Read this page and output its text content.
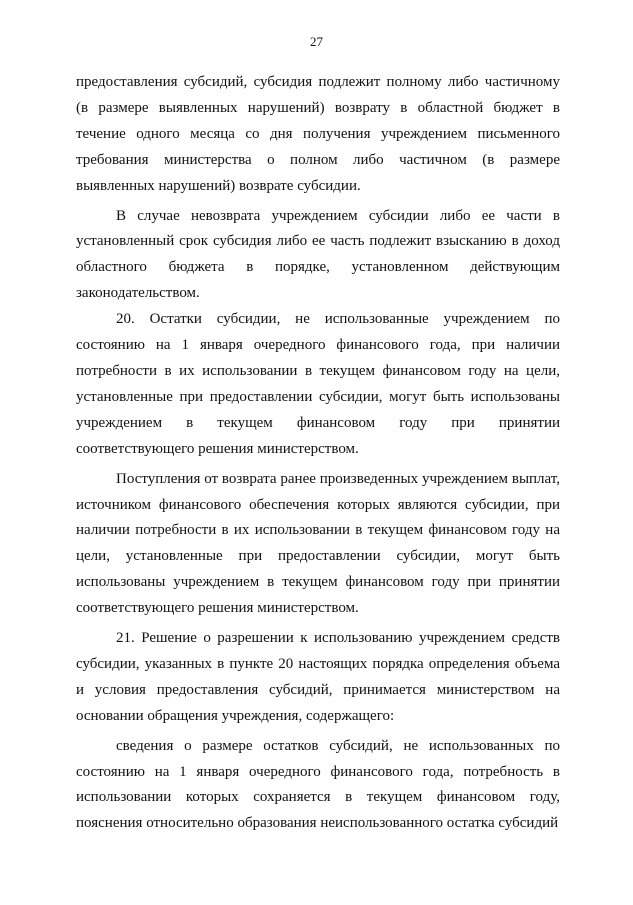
27

предоставления субсидий, субсидия подлежит полному либо частичному (в размере выявленных нарушений) возврату в областной бюджет в течение одного месяца со дня получения учреждением письменного требования министерства о полном либо частичном (в размере выявленных нарушений) возврате субсидии.

В случае невозврата учреждением субсидии либо ее части в установленный срок субсидия либо ее часть подлежит взысканию в доход областного бюджета в порядке, установленном действующим законодательством.

20. Остатки субсидии, не использованные учреждением по состоянию на 1 января очередного финансового года, при наличии потребности в их использовании в текущем финансовом году на цели, установленные при предоставлении субсидии, могут быть использованы учреждением в текущем финансовом году при принятии соответствующего решения министерством.

Поступления от возврата ранее произведенных учреждением выплат, источником финансового обеспечения которых являются субсидии, при наличии потребности в их использовании в текущем финансовом году на цели, установленные при предоставлении субсидии, могут быть использованы учреждением в текущем финансовом году при принятии соответствующего решения министерством.

21. Решение о разрешении к использованию учреждением средств субсидии, указанных в пункте 20 настоящих порядка определения объема и условия предоставления субсидий, принимается министерством на основании обращения учреждения, содержащего:

сведения о размере остатков субсидий, не использованных по состоянию на 1 января очередного финансового года, потребность в использовании которых сохраняется в текущем финансовом году, пояснения относительно образования неиспользованного остатка субсидий
